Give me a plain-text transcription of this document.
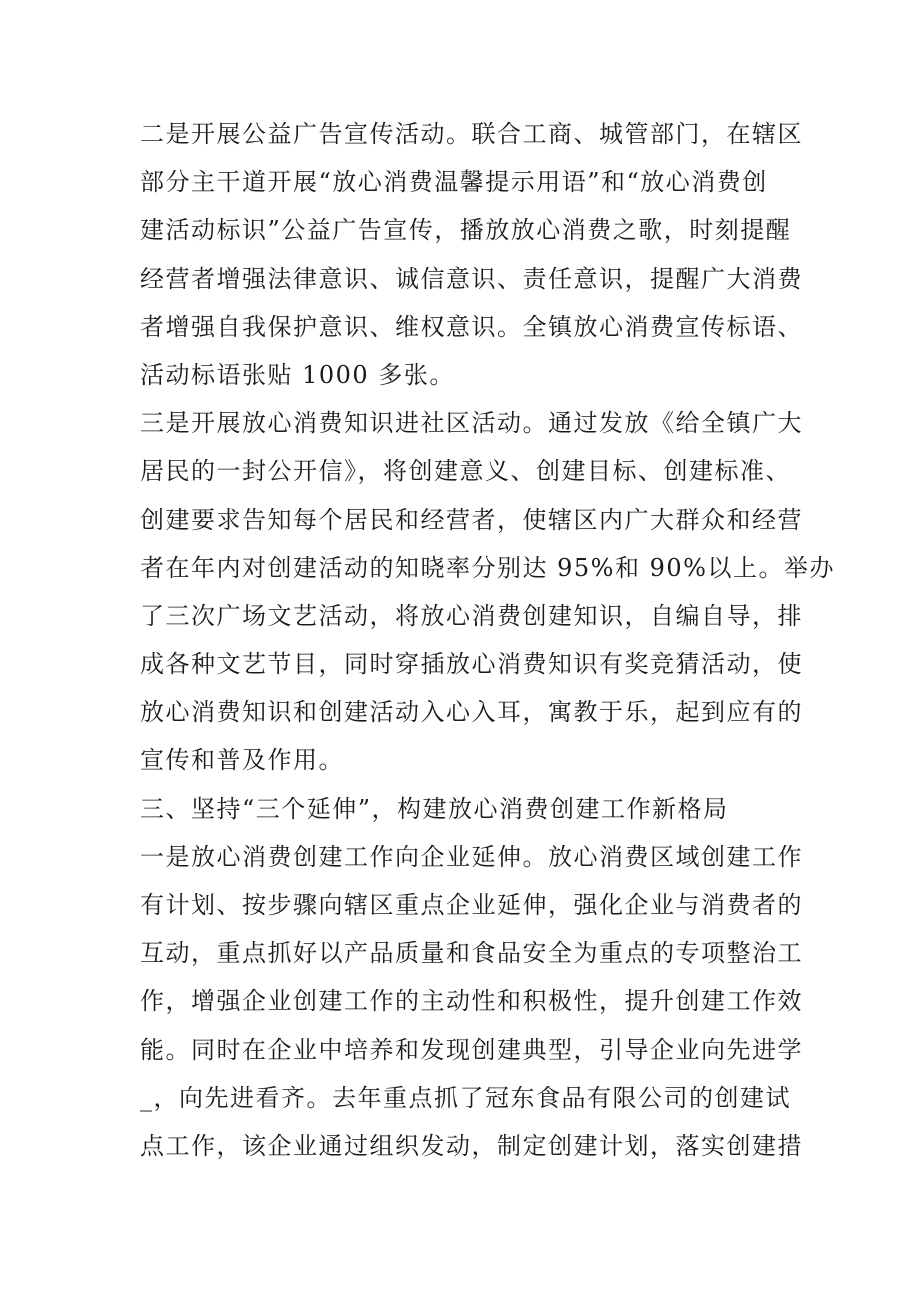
二是开展公益广告宣传活动。联合工商、城管部门，在辖区
部分主干道开展“放心消费温馨提示用语”和“放心消费创
建活动标识”公益广告宣传，播放放心消费之歌，时刻提醒
经营者增强法律意识、诚信意识、责任意识，提醒广大消费
者增强自我保护意识、维权意识。全镇放心消费宣传标语、
活动标语张贴 1000 多张。
三是开展放心消费知识进社区活动。通过发放《给全镇广大
居民的一封公开信》，将创建意义、创建目标、创建标准、
创建要求告知每个居民和经营者，使辖区内广大群众和经营
者在年内对创建活动的知晓率分别达 95%和 90%以上。举办
了三次广场文艺活动，将放心消费创建知识，自编自导，排
成各种文艺节目，同时穿插放心消费知识有奖竞猜活动，使
放心消费知识和创建活动入心入耳，寓教于乐，起到应有的
宣传和普及作用。
三、坚持“三个延伸”，构建放心消费创建工作新格局
一是放心消费创建工作向企业延伸。放心消费区域创建工作
有计划、按步骤向辖区重点企业延伸，强化企业与消费者的
互动，重点抓好以产品质量和食品安全为重点的专项整治工
作，增强企业创建工作的主动性和积极性，提升创建工作效
能。同时在企业中培养和发现创建典型，引导企业向先进学
_，向先进看齐。去年重点抓了冠东食品有限公司的创建试
点工作，该企业通过组织发动，制定创建计划，落实创建措
